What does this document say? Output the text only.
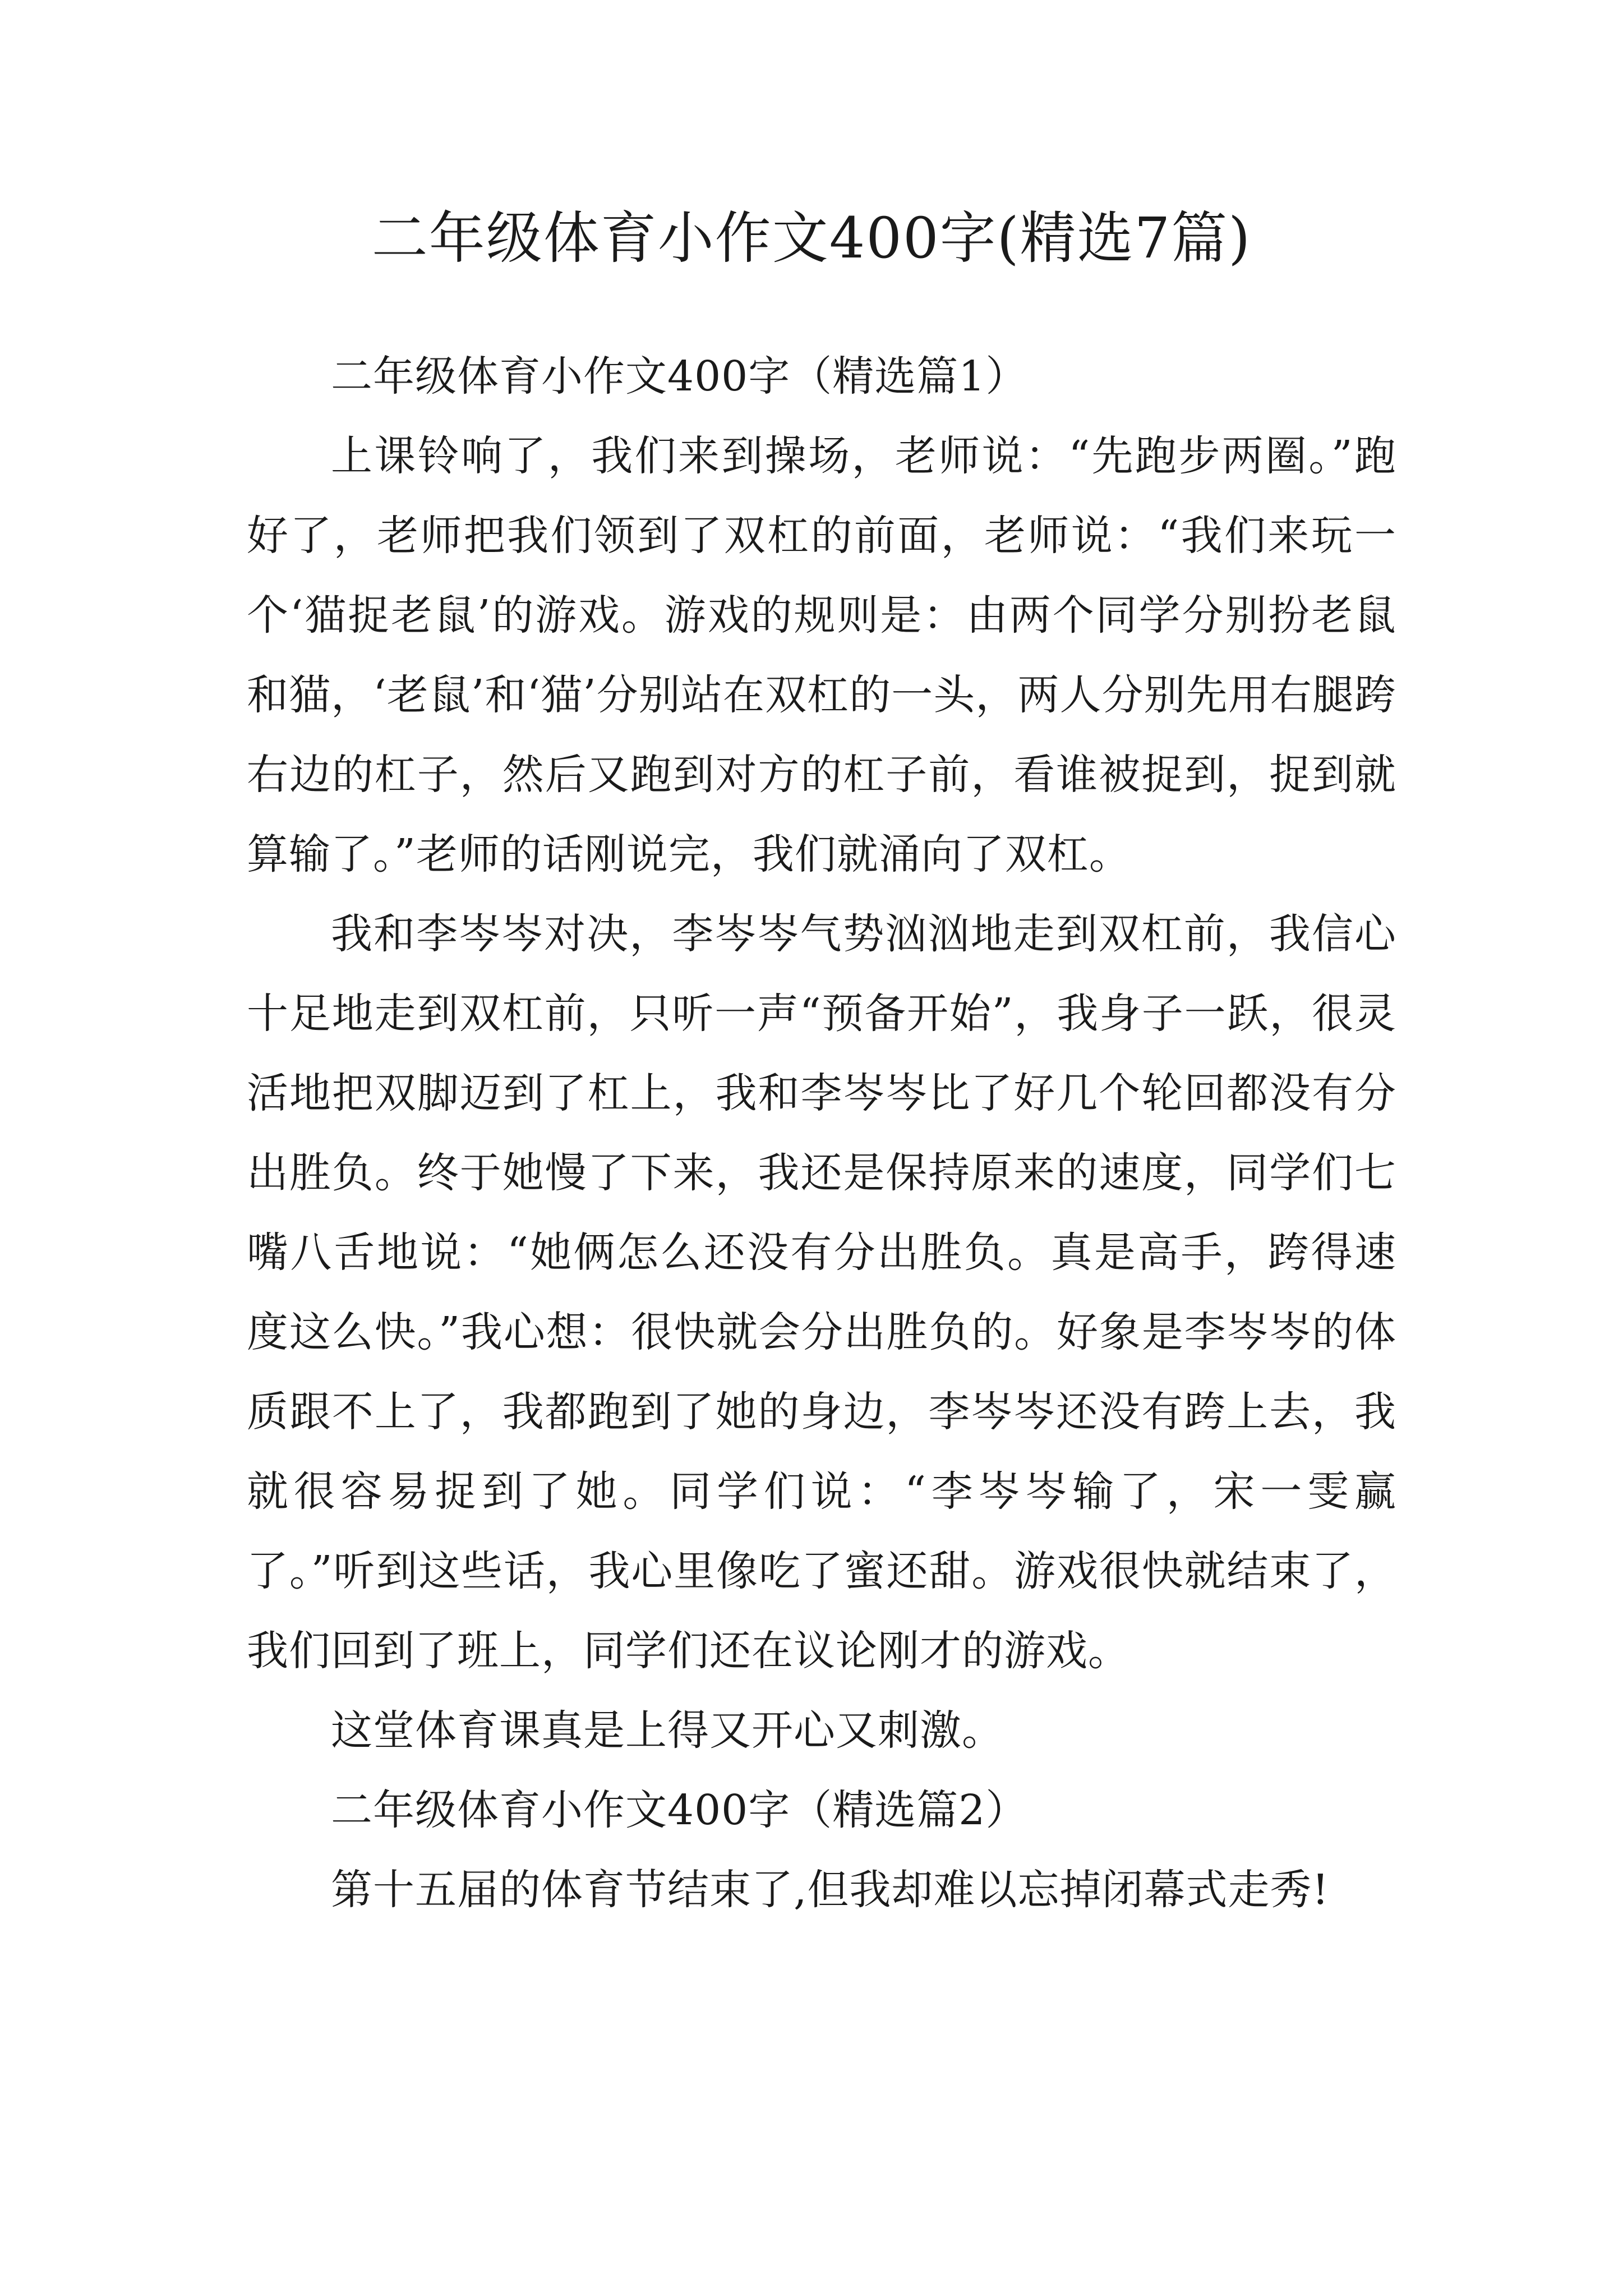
二年级体育小作文400字(精选7篇)

二年级体育小作文400字（精选篇1）

上课铃响了，我们来到操场，老师说：“先跑步两圈。”跑好了，老师把我们领到了双杠的前面，老师说：“我们来玩一个‘猫捉老鼠’的游戏。游戏的规则是：由两个同学分别扮老鼠和猫，‘老鼠’和‘猫’分别站在双杠的一头，两人分别先用右腿跨右边的杠子，然后又跑到对方的杠子前，看谁被捉到，捉到就算输了。”老师的话刚说完，我们就涌向了双杠。

我和李岑岑对决，李岑岑气势汹汹地走到双杠前，我信心十足地走到双杠前，只听一声“预备开始”，我身子一跃，很灵活地把双脚迈到了杠上，我和李岑岑比了好几个轮回都没有分出胜负。终于她慢了下来，我还是保持原来的速度，同学们七嘴八舌地说：“她俩怎么还没有分出胜负。真是高手，跨得速度这么快。”我心想：很快就会分出胜负的。好象是李岑岑的体质跟不上了，我都跑到了她的身边，李岑岑还没有跨上去，我就很容易捉到了她。同学们说：“李岑岑输了，宋一雯赢了。”听到这些话，我心里像吃了蜜还甜。游戏很快就结束了，我们回到了班上，同学们还在议论刚才的游戏。

这堂体育课真是上得又开心又刺激。

二年级体育小作文400字（精选篇2）

第十五届的体育节结束了,但我却难以忘掉闭幕式走秀!
